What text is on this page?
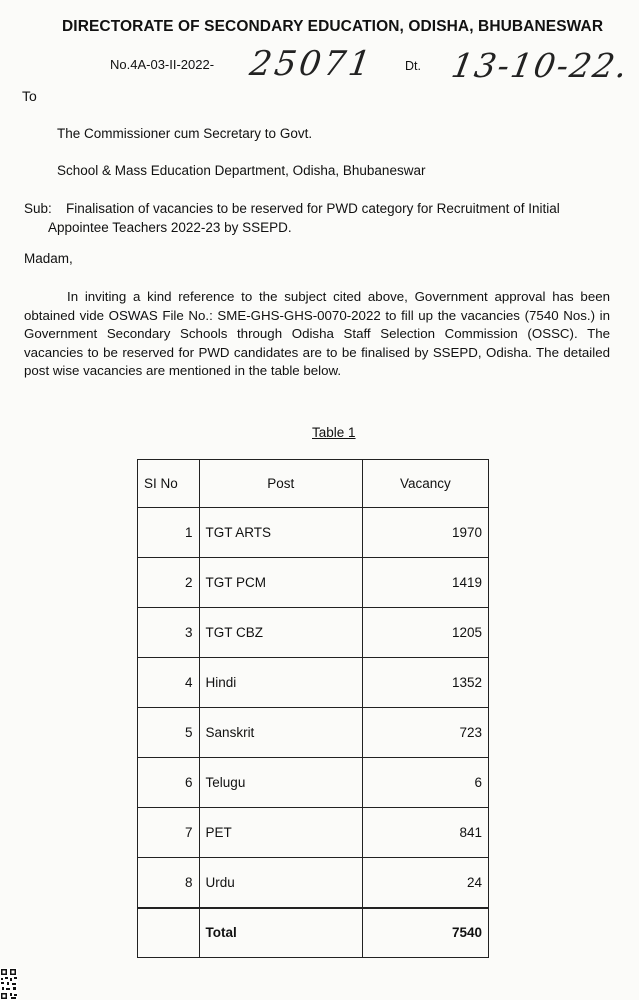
DIRECTORATE OF SECONDARY EDUCATION, ODISHA, BHUBANESWAR
No.4A-03-II-2022- 25071 Dt. 13-10-22.
To
The Commissioner cum Secretary to Govt.
School & Mass Education Department, Odisha, Bhubaneswar
Sub: Finalisation of vacancies to be reserved for PWD category for Recruitment of Initial
Appointee Teachers 2022-23 by SSEPD.
Madam,
In inviting a kind reference to the subject cited above, Government approval has been obtained vide OSWAS File No.: SME-GHS-GHS-0070-2022 to fill up the vacancies (7540 Nos.) in Government Secondary Schools through Odisha Staff Selection Commission (OSSC). The vacancies to be reserved for PWD candidates are to be finalised by SSEPD, Odisha. The detailed post wise vacancies are mentioned in the table below.
Table 1
SI No	Post	Vacancy
1	TGT ARTS	1970
2	TGT PCM	1419
3	TGT CBZ	1205
4	Hindi	1352
5	Sanskrit	723
6	Telugu	6
7	PET	841
8	Urdu	24
	Total	7540
